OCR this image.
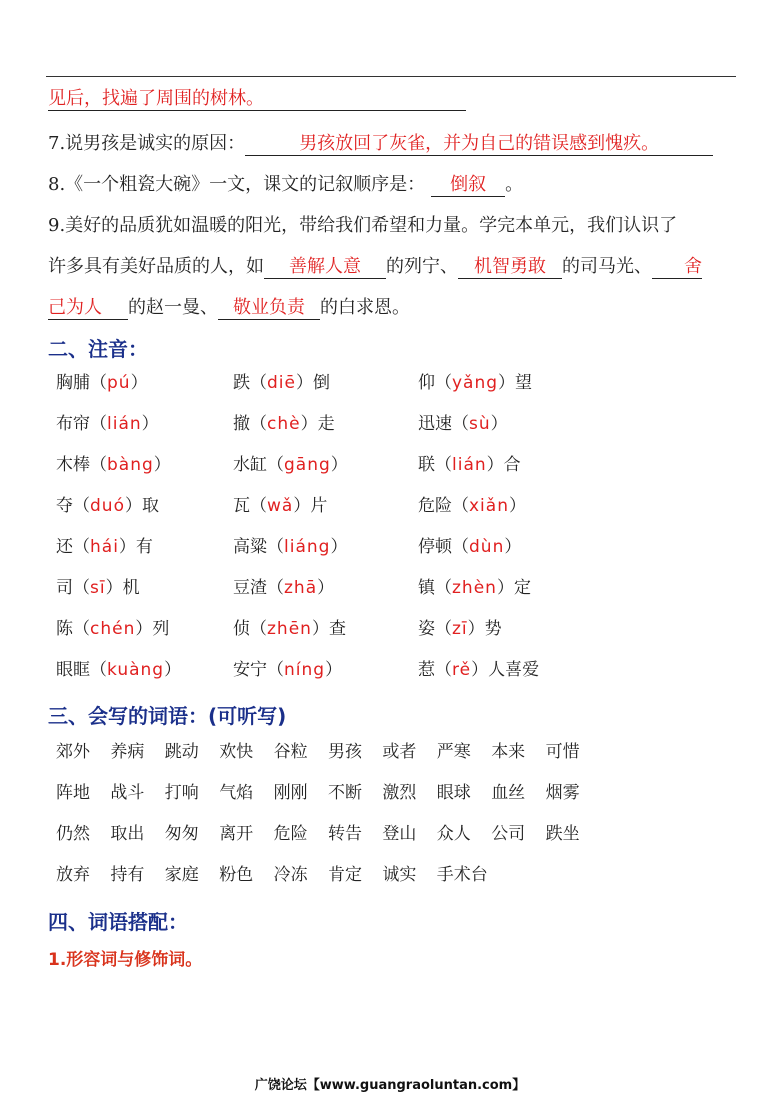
见后，找遍了周围的树林。
7.说男孩是诚实的原因：	男孩放回了灰雀，并为自己的错误感到愧疚。
8.《一个粗瓷大碗》一文，课文的记叙顺序是： 倒叙 。
9.美好的品质犹如温暖的阳光，带给我们希望和力量。学完本单元，我们认识了
许多具有美好品质的人，如 善解人意 的列宁、 机智勇敢 的司马光、 舍
己为人 的赵一曼、 敬业负责 的白求恩。
二、注音：
胸脯（pú）	跌（diē）倒	仰（yǎng）望
布帘（lián）	撤（chè）走	迅速（sù）
木棒（bàng）	水缸（gāng）	联（lián）合
夺（duó）取	瓦（wǎ）片	危险（xiǎn）
还（hái）有	高粱（liáng）	停顿（dùn）
司（sī）机	豆渣（zhā）	镇（zhèn）定
陈（chén）列	侦（zhēn）查	姿（zī）势
眼眶（kuàng）	安宁（níng）	惹（rě）人喜爱
三、会写的词语：(可听写)
郊外 养病 跳动 欢快 谷粒 男孩 或者 严寒 本来 可惜
阵地 战斗 打响 气焰 刚刚 不断 激烈 眼球 血丝 烟雾
仍然 取出 匆匆 离开 危险 转告 登山 众人 公司 跌坐
放弃 持有 家庭 粉色 冷冻 肯定 诚实 手术台
四、词语搭配：
1.形容词与修饰词。
广饶论坛【www.guangraoluntan.com】
